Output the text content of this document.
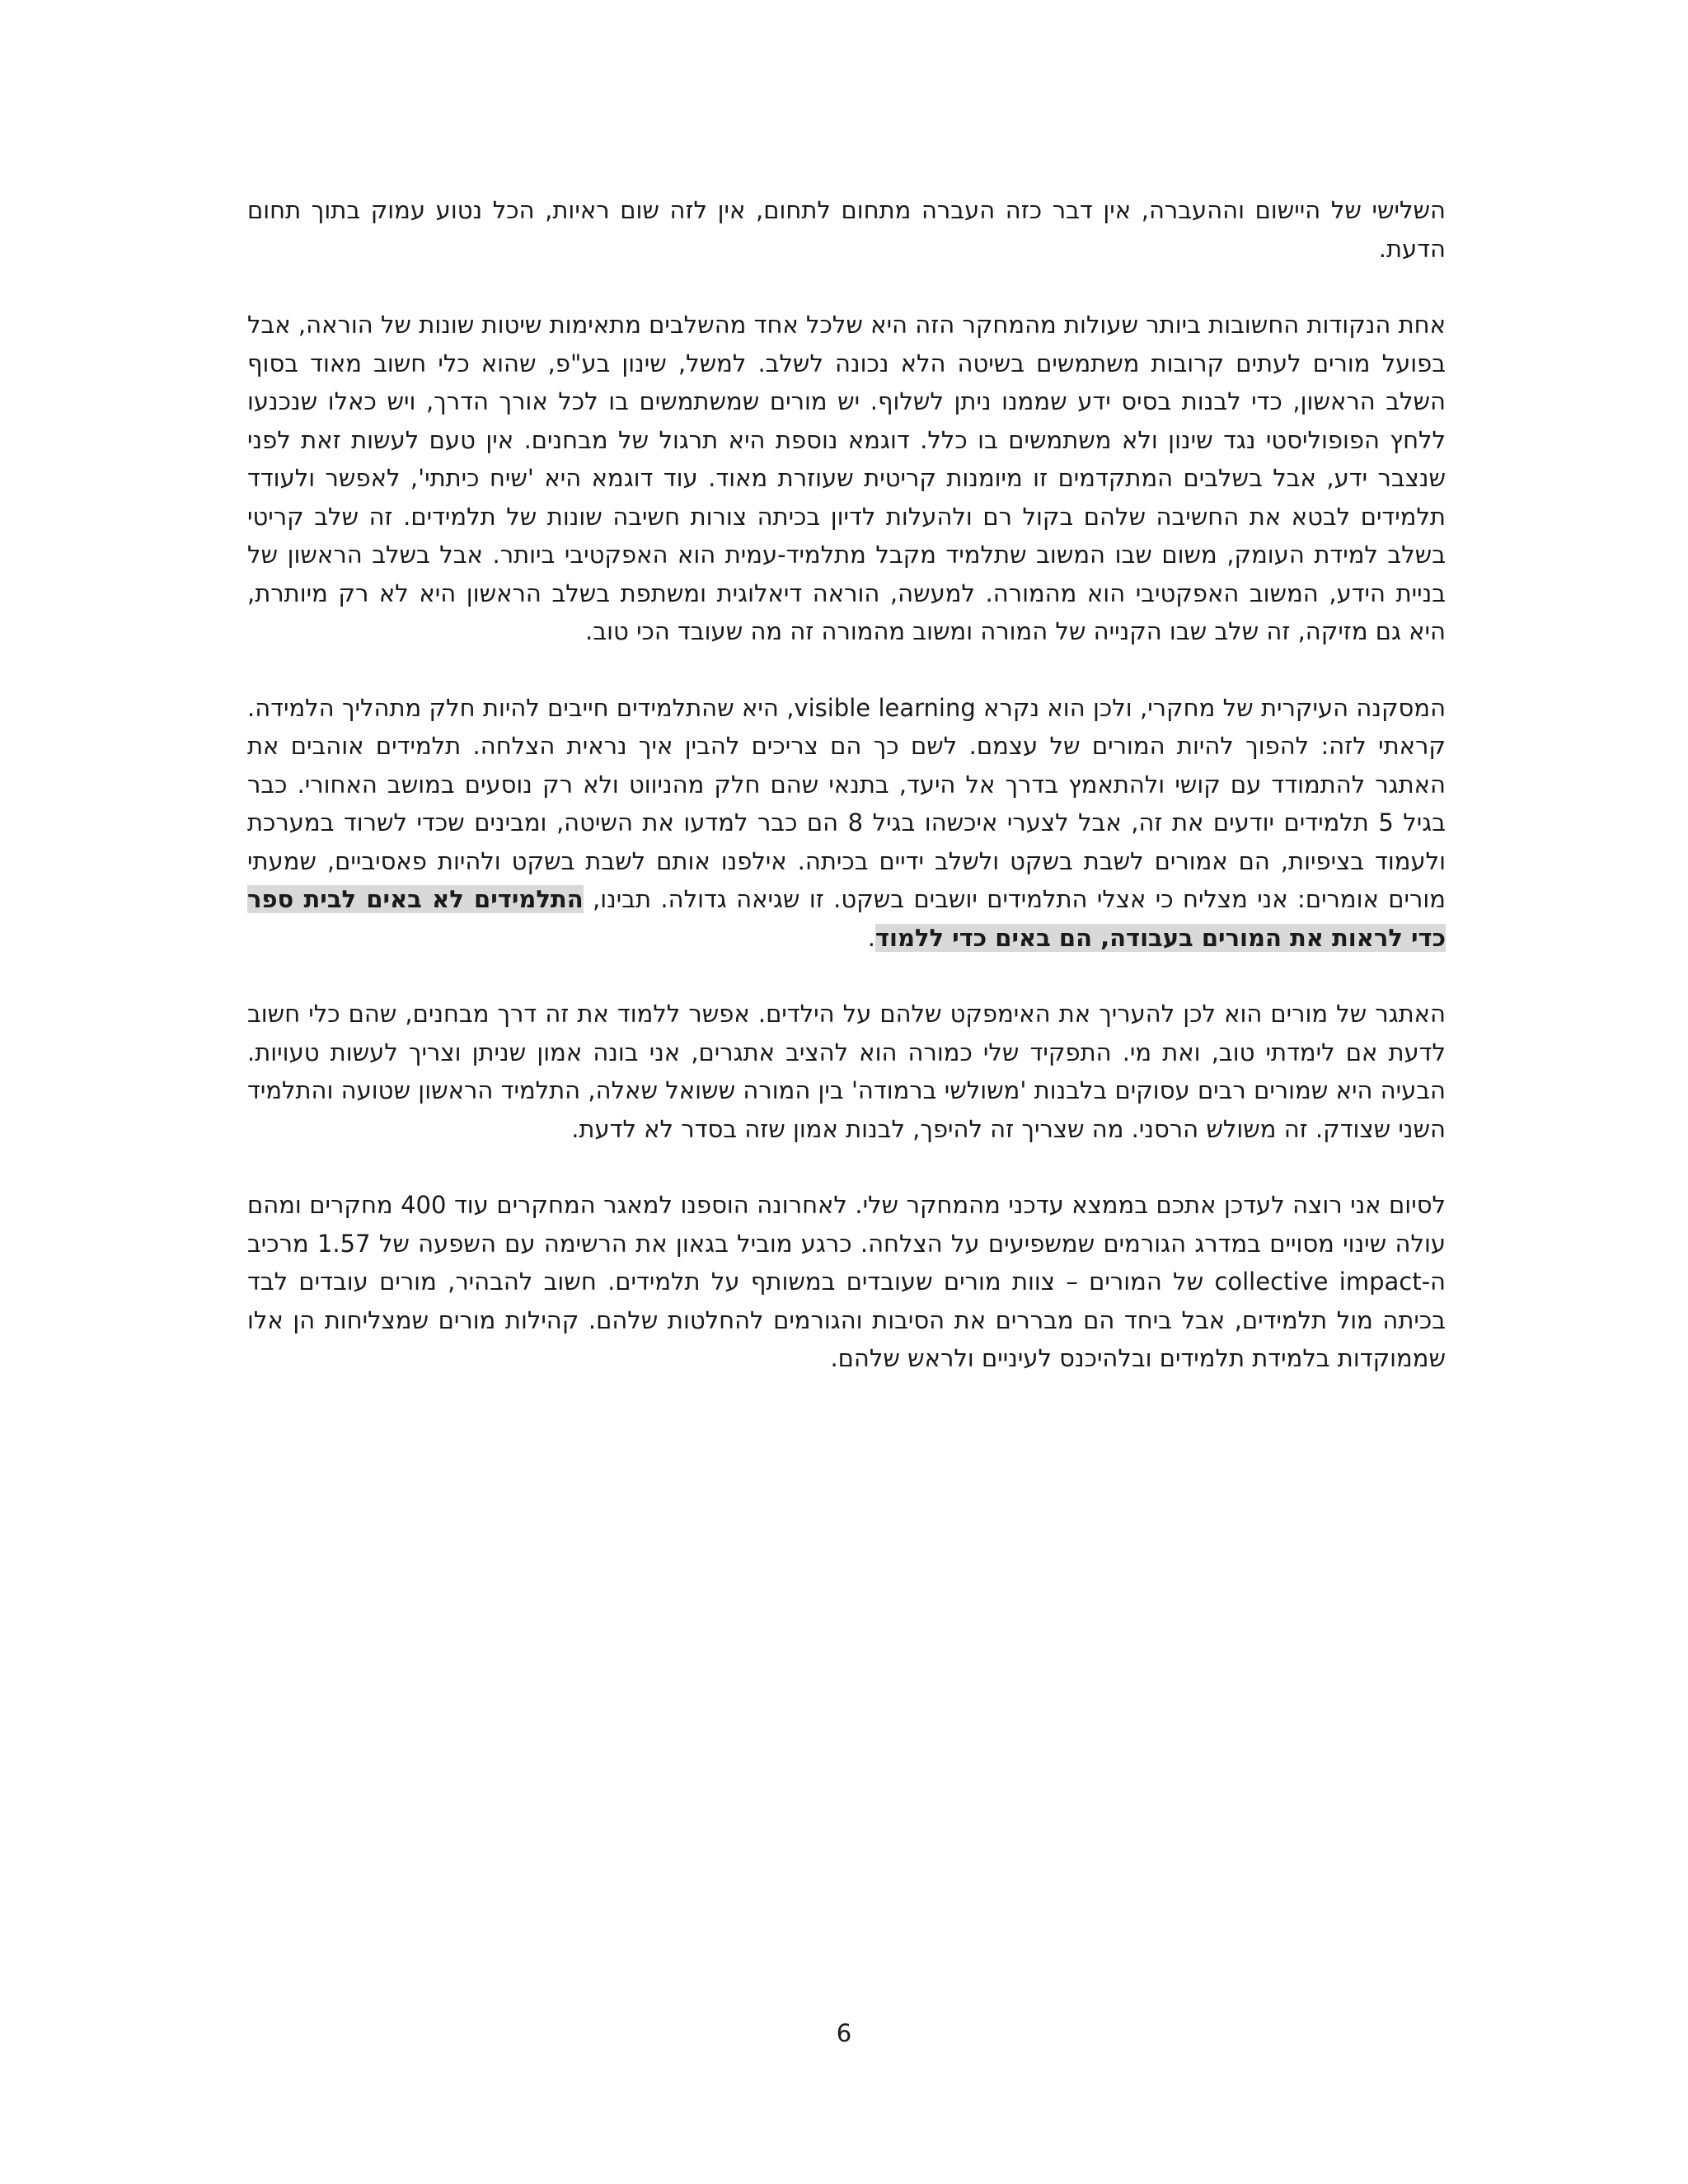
השלישי של היישום וההעברה, אין דבר כזה העברה מתחום לתחום, אין לזה שום ראיות, הכל נטוע עמוק בתוך תחום הדעת.

אחת הנקודות החשובות ביותר שעולות מהמחקר הזה היא שלכל אחד מהשלבים מתאימות שיטות שונות של הוראה, אבל בפועל מורים לעתים קרובות משתמשים בשיטה הלא נכונה לשלב. למשל, שינון בע"פ, שהוא כלי חשוב מאוד בסוף השלב הראשון, כדי לבנות בסיס ידע שממנו ניתן לשלוף. יש מורים שמשתמשים בו לכל אורך הדרך, ויש כאלו שנכנעו ללחץ הפופוליסטי נגד שינון ולא משתמשים בו כלל. דוגמא נוספת היא תרגול של מבחנים. אין טעם לעשות זאת לפני שנצבר ידע, אבל בשלבים המתקדמים זו מיומנות קריטית שעוזרת מאוד. עוד דוגמא היא 'שיח כיתתי', לאפשר ולעודד תלמידים לבטא את החשיבה שלהם בקול רם ולהעלות לדיון בכיתה צורות חשיבה שונות של תלמידים. זה שלב קריטי בשלב למידת העומק, משום שבו המשוב שתלמיד מקבל מתלמיד-עמית הוא האפקטיבי ביותר. אבל בשלב הראשון של בניית הידע, המשוב האפקטיבי הוא מהמורה. למעשה, הוראה דיאלוגית ומשתפת בשלב הראשון היא לא רק מיותרת, היא גם מזיקה, זה שלב שבו הקנייה של המורה ומשוב מהמורה זה מה שעובד הכי טוב.

המסקנה העיקרית של מחקרי, ולכן הוא נקרא visible learning, היא שהתלמידים חייבים להיות חלק מתהליך הלמידה. קראתי לזה: להפוך להיות המורים של עצמם. לשם כך הם צריכים להבין איך נראית הצלחה. תלמידים אוהבים את האתגר להתמודד עם קושי ולהתאמץ בדרך אל היעד, בתנאי שהם חלק מהניווט ולא רק נוסעים במושב האחורי. כבר בגיל 5 תלמידים יודעים את זה, אבל לצערי איכשהו בגיל 8 הם כבר למדעו את השיטה, ומבינים שכדי לשרוד במערכת ולעמוד בציפיות, הם אמורים לשבת בשקט ולשלב ידיים בכיתה. אילפנו אותם לשבת בשקט ולהיות פאסיביים, שמעתי מורים אומרים: אני מצליח כי אצלי התלמידים יושבים בשקט. זו שגיאה גדולה. תבינו, התלמידים לא באים לבית ספר כדי לראות את המורים בעבודה, הם באים כדי ללמוד.

האתגר של מורים הוא לכן להעריך את האימפקט שלהם על הילדים. אפשר ללמוד את זה דרך מבחנים, שהם כלי חשוב לדעת אם לימדתי טוב, ואת מי. התפקיד שלי כמורה הוא להציב אתגרים, אני בונה אמון שניתן וצריך לעשות טעויות. הבעיה היא שמורים רבים עסוקים בלבנות 'משולשי ברמודה' בין המורה ששואל שאלה, התלמיד הראשון שטועה והתלמיד השני שצודק. זה משולש הרסני. מה שצריך זה להיפך, לבנות אמון שזה בסדר לא לדעת.

לסיום אני רוצה לעדכן אתכם בממצא עדכני מהמחקר שלי. לאחרונה הוספנו למאגר המחקרים עוד 400 מחקרים ומהם עולה שינוי מסויים במדרג הגורמים שמשפיעים על הצלחה. כרגע מוביל בגאון את הרשימה עם השפעה של 1.57 מרכיב ה-collective impact של המורים – צוות מורים שעובדים במשותף על תלמידים. חשוב להבהיר, מורים עובדים לבד בכיתה מול תלמידים, אבל ביחד הם מבררים את הסיבות והגורמים להחלטות שלהם. קהילות מורים שמצליחות הן אלו שממוקדות בלמידת תלמידים ובלהיכנס לעיניים ולראש שלהם.

6
